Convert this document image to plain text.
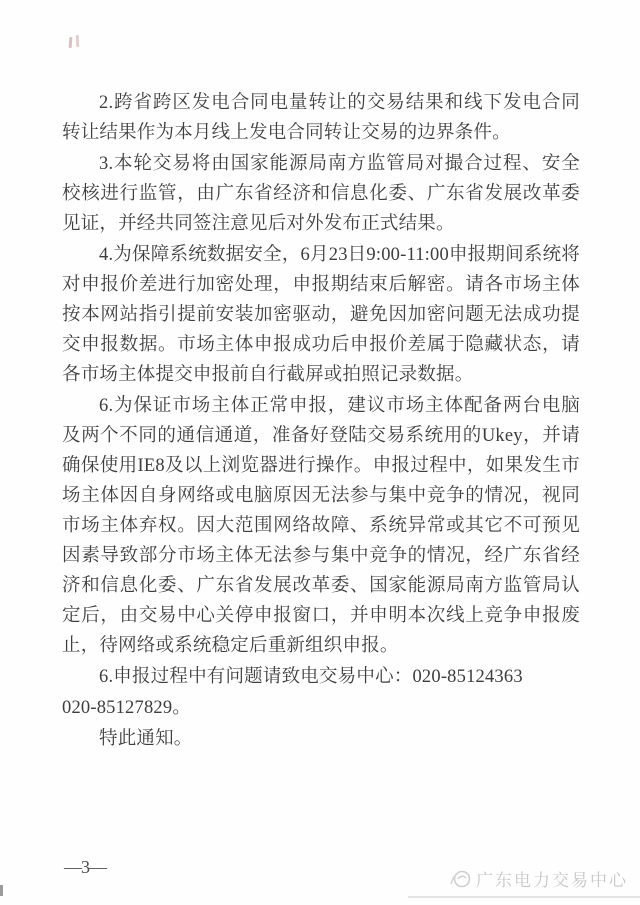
2.跨省跨区发电合同电量转让的交易结果和线下发电合同转让结果作为本月线上发电合同转让交易的边界条件。

3.本轮交易将由国家能源局南方监管局对撮合过程、安全校核进行监管，由广东省经济和信息化委、广东省发展改革委见证，并经共同签注意见后对外发布正式结果。

4.为保障系统数据安全，6月23日9:00-11:00申报期间系统将对申报价差进行加密处理，申报期结束后解密。请各市场主体按本网站指引提前安装加密驱动，避免因加密问题无法成功提交申报数据。市场主体申报成功后申报价差属于隐藏状态，请各市场主体提交申报前自行截屏或拍照记录数据。

6.为保证市场主体正常申报，建议市场主体配备两台电脑及两个不同的通信通道，准备好登陆交易系统用的Ukey，并请确保使用IE8及以上浏览器进行操作。申报过程中，如果发生市场主体因自身网络或电脑原因无法参与集中竞争的情况，视同市场主体弃权。因大范围网络故障、系统异常或其它不可预见因素导致部分市场主体无法参与集中竞争的情况，经广东省经济和信息化委、广东省发展改革委、国家能源局南方监管局认定后，由交易中心关停申报窗口，并申明本次线上竞争申报废止，待网络或系统稳定后重新组织申报。

6.申报过程中有问题请致电交易中心：020-85124363

020-85127829。

特此通知。

—3—
广东电力交易中心
